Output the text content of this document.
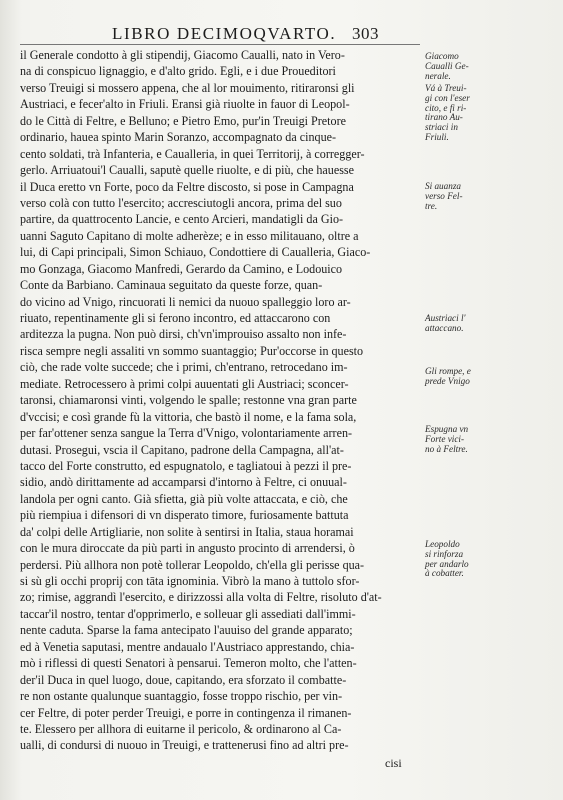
LIBRO DECIMOQVARTO. 303
il Generale condotto à gli stipendij, Giacomo Caualli, nato in Vero-
na di conspicuo lignaggio, e d'alto grido. Egli, e i due Proueditori
verso Treuigi si mossero appena, che al lor mouimento, ritiraronsi gli
Austriaci, e fecer'alto in Friuli. Eransi già riuolte in fauor di Leopol-
do le Città di Feltre, e Belluno; e Pietro Emo, pur'in Treuigi Pretore
ordinario, hauea spinto Marin Soranzo, accompagnato da cinque-
cento soldati, trà Infanteria, e Caualleria, in quei Territorij, à corregger-
gerlo. Arriuatoui'l Caualli, saputè quelle riuolte, e di più, che hauesse
il Duca eretto vn Forte, poco da Feltre discosto, si pose in Campagna
verso colà con tutto l'esercito; accresciutogli ancora, prima del suo
partire, da quattrocento Lancie, e cento Arcieri, mandatigli da Gio-
uanni Saguto Capitano di molte adherèze; e in esso militauano, oltre a
lui, di Capi principali, Simon Schiauo, Condottiere di Caualleria, Giaco-
mo Gonzaga, Giacomo Manfredi, Gerardo da Camino, e Lodouico
Conte da Barbiano. Caminaua seguitato da queste forze, quan-
do vicino ad Vnigo, rincuorati li nemici da nuouo spalleggio loro ar-
riuato, repentinamente gli si ferono incontro, ed attaccarono con
arditezza la pugna. Non può dirsi, ch'vn'improuiso assalto non infe-
risca sempre negli assaliti vn sommo suantaggio; Pur'occorse in questo
ciò, che rade volte succede; che i primi, ch'entrano, retrocedano im-
mediate. Retrocessero à primi colpi auuentati gli Austriaci; sconcer-
taronsi, chiamaronsi vinti, volgendo le spalle; restonne vna gran parte
d'vccisi; e così grande fù la vittoria, che bastò il nome, e la fama sola,
per far'ottener senza sangue la Terra d'Vnigo, volontariamente arren-
dutasi. Prosegui, vscia il Capitano, padrone della Campagna, all'at-
tacco del Forte construtto, ed espugnatolo, e tagliatoui à pezzi il pre-
sidio, andò dirittamente ad accamparsi d'intorno à Feltre, ci onuual-
landola per ogni canto. Già sfietta, già più volte attaccata, e ciò, che
più riempiua i difensori di vn disperato timore, furiosamente battuta
da' colpi delle Artigliarie, non solite à sentirsi in Italia, staua horamai
con le mura diroccate da più parti in angusto procinto di arrendersi, ò
perdersi. Più allhora non potè tollerar Leopoldo, ch'ella gli perisse qua-
si sù gli occhi proprij con tāta ignominia. Vibrò la mano à tuttolo sfor-
zo; rimise, aggrandì l'esercito, e dirizzossi alla volta di Feltre, risoluto d'at-
taccar'il nostro, tentar d'opprimerlo, e solleuar gli assediati dall'immi-
nente caduta. Sparse la fama antecipato l'auuiso del grande apparato;
ed à Venetia saputasi, mentre andaualo l'Austriaco apprestando, chia-
mò i riflessi di questi Senatori à pensarui. Temeron molto, che l'atten-
der'il Duca in quel luogo, doue, capitando, era sforzato il combatte-
re non ostante qualunque suantaggio, fosse troppo rischio, per vin-
cer Feltre, di poter perder Treuigi, e porre in contingenza il rimanen-
te. Elessero per allhora di euitarne il pericolo, & ordinarono al Ca-
ualli, di condursi di nuouo in Treuigi, e trattenerusi fino ad altri pre-
Giacomo
Caualli Ge-
nerale.
Vá à Treui-
gi con l'eser
cito, e fi ri-
tirano Au-
striaci in
Friuli.
Si auanza
verso Fel-
tre.
Austriaci l'
attaccano.
Gli rompe, e
prede Vnigo
Espugna vn
Forte vici-
no à Feltre.
Leopoldo
si rinforza
per andarlo
à cobatter.
cisi
